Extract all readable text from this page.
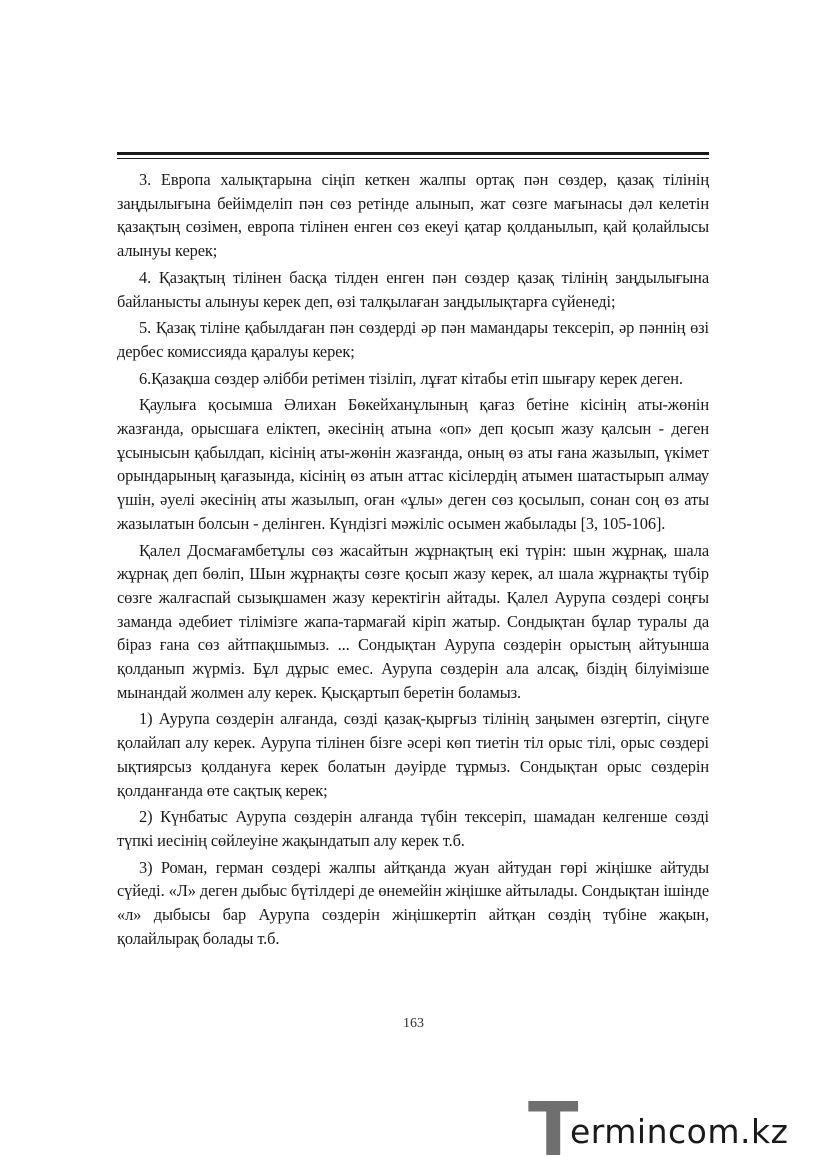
3. Европа халықтарына сіңіп кеткен жалпы ортақ пән сөздер, қазақ тілінің заңдылығына бейімделіп пән сөз ретінде алынып, жат сөзге мағынасы дәл келетін қазақтың сөзімен, европа тілінен енген сөз екеуі қатар қолданылып, қай қолайлысы алынуы керек;

4. Қазақтың тілінен басқа тілден енген пән сөздер қазақ тілінің заңдылығына байланысты алынуы керек деп, өзі талқылаған заңдылықтарға сүйенеді;

5. Қазақ тіліне қабылдаған пән сөздерді әр пән мамандары тексеріп, әр пәннің өзі дербес комиссияда қаралуы керек;

6.Қазақша сөздер әлібби ретімен тізіліп, лұғат кітабы етіп шығару керек деген.

Қаулыға қосымша Әлихан Бөкейханұлының қағаз бетіне кісінің аты-жөнін жазғанда, орысшаға еліктеп, әкесінің атына «оп» деп қосып жазу қалсын - деген ұсынысын қабылдап, кісінің аты-жөнін жазғанда, оның өз аты ғана жазылып, үкімет орындарының қағазында, кісінің өз атын аттас кісілердің атымен шатастырып алмау үшін, әуелі әкесінің аты жазылып, оған «ұлы» деген сөз қосылып, сонан соң өз аты жазылатын болсын - делінген. Күндізгі мәжіліс осымен жабылады [3, 105-106].

Қалел Досмағамбетұлы сөз жасайтын жұрнақтың екі түрін: шын жұрнақ, шала жұрнақ деп бөліп, Шын жұрнақты сөзге қосып жазу керек, ал шала жұрнақты түбір сөзге жалғаспай сызықшамен жазу керектігін айтады. Қалел Аурупа сөздері соңғы заманда әдебиет тілімізге жапа-тармағай кіріп жатыр. Сондықтан бұлар туралы да біраз ғана сөз айтпақшымыз. ... Сондықтан Аурупа сөздерін орыстың айтуынша қолданып жүрміз. Бұл дұрыс емес. Аурупа сөздерін ала алсақ, біздің білуімізше мынандай жолмен алу керек. Қысқартып беретін боламыз.

1) Аурупа сөздерін алғанда, сөзді қазақ-қырғыз тілінің заңымен өзгертіп, сіңуге қолайлап алу керек. Аурупа тілінен бізге әсері көп тиетін тіл орыс тілі, орыс сөздері ықтиярсыз қолдануға керек болатын дәуірде тұрмыз. Сондықтан орыс сөздерін қолданғанда өте сақтық керек;

2) Күнбатыс Аурупа сөздерін алғанда түбін тексеріп, шамадан келгенше сөзді түпкі иесінің сөйлеуіне жақындатып алу керек т.б.

3) Роман, герман сөздері жалпы айтқанда жуан айтудан гөрі жіңішке айтуды сүйеді. «Л» деген дыбыс бүтілдері де өнемейін жіңішке айтылады. Сондықтан ішінде «л» дыбысы бар Аурупа сөздерін жіңішкертіп айтқан сөздің түбіне жақын, қолайлырақ болады т.б.

163
T
ermincom.kz
